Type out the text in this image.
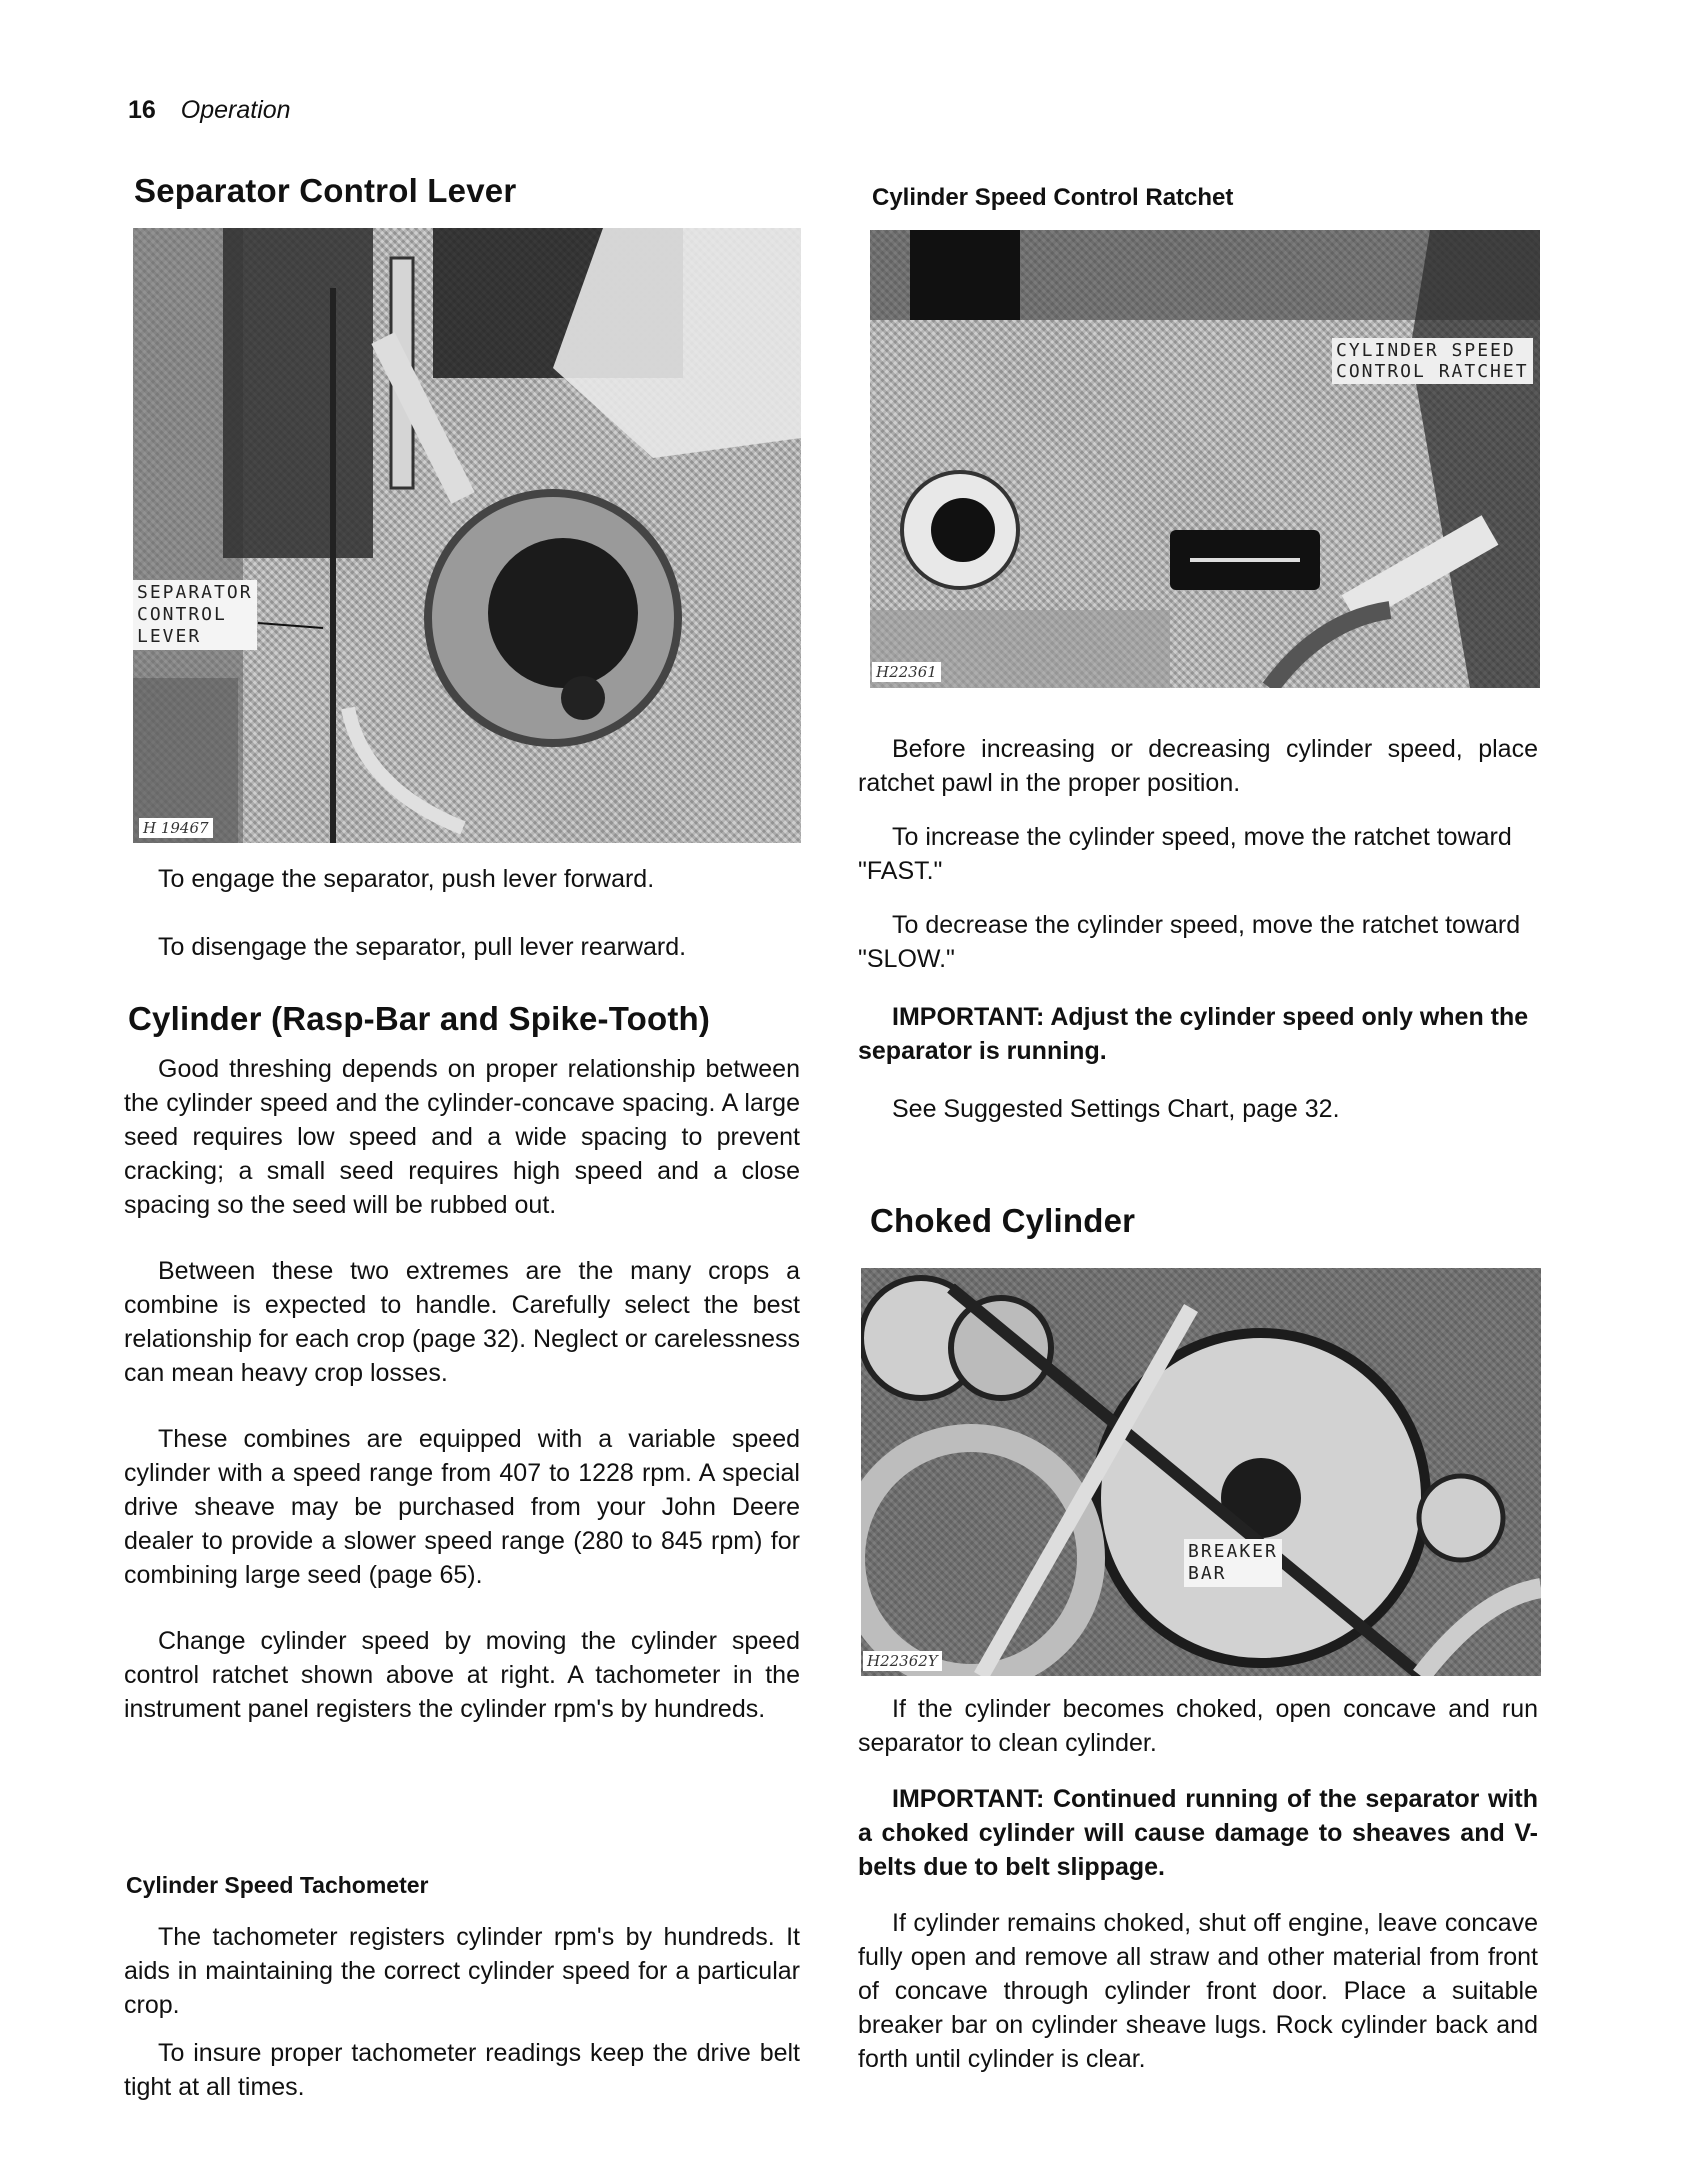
16 Operation
Separator Control Lever
SEPARATOR
CONTROL
LEVER
H 19467

To engage the separator, push lever forward.

To disengage the separator, pull lever rearward.

Cylinder (Rasp-Bar and Spike-Tooth)

Good threshing depends on proper relationship between the cylinder speed and the cylinder-concave spacing. A large seed requires low speed and a wide spacing to prevent cracking; a small seed requires high speed and a close spacing so the seed will be rubbed out.

Between these two extremes are the many crops a combine is expected to handle. Carefully select the best relationship for each crop (page 32). Neglect or carelessness can mean heavy crop losses.

These combines are equipped with a variable speed cylinder with a speed range from 407 to 1228 rpm. A special drive sheave may be purchased from your John Deere dealer to provide a slower speed range (280 to 845 rpm) for combining large seed (page 65).

Change cylinder speed by moving the cylinder speed control ratchet shown above at right. A tachometer in the instrument panel registers the cylinder rpm's by hundreds.

Cylinder Speed Tachometer

The tachometer registers cylinder rpm's by hundreds. It aids in maintaining the correct cylinder speed for a particular crop.

To insure proper tachometer readings keep the drive belt tight at all times.

Cylinder Speed Control Ratchet
CYLINDER SPEED
CONTROL RATCHET
H22361

Before increasing or decreasing cylinder speed, place ratchet pawl in the proper position.

To increase the cylinder speed, move the ratchet toward "FAST."

To decrease the cylinder speed, move the ratchet toward "SLOW."

IMPORTANT: Adjust the cylinder speed only when the separator is running.

See Suggested Settings Chart, page 32.

Choked Cylinder
BREAKER
BAR
H22362Y

If the cylinder becomes choked, open concave and run separator to clean cylinder.

IMPORTANT: Continued running of the separator with a choked cylinder will cause damage to sheaves and V-belts due to belt slippage.

If cylinder remains choked, shut off engine, leave concave fully open and remove all straw and other material from front of concave through cylinder front door. Place a suitable breaker bar on cylinder sheave lugs. Rock cylinder back and forth until cylinder is clear.
